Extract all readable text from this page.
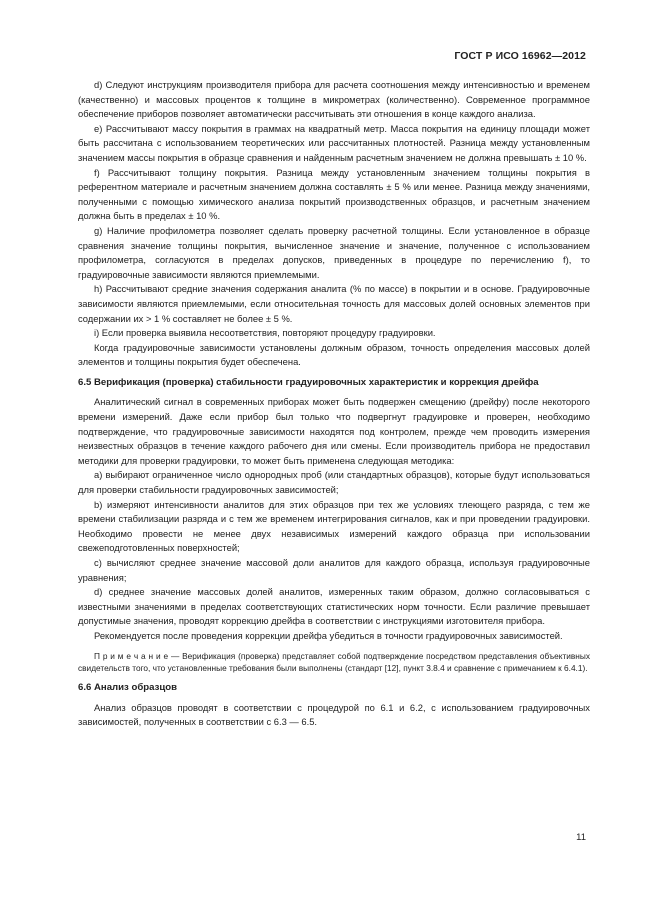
ГОСТ Р ИСО 16962—2012

d) Следуют инструкциям производителя прибора для расчета соотношения между интенсивностью и временем (качественно) и массовых процентов к толщине в микрометрах (количественно). Современное программное обеспечение приборов позволяет автоматически рассчитывать эти отношения в конце каждого анализа.

e) Рассчитывают массу покрытия в граммах на квадратный метр. Масса покрытия на единицу площади может быть рассчитана с использованием теоретических или рассчитанных плотностей. Разница между установленным значением массы покрытия в образце сравнения и найденным расчетным значением не должна превышать ± 10 %.

f) Рассчитывают толщину покрытия. Разница между установленным значением толщины покрытия в референтном материале и расчетным значением должна составлять ± 5 % или менее. Разница между значениями, полученными с помощью химического анализа покрытий производственных образцов, и расчетным значением должна быть в пределах ± 10 %.

g) Наличие профилометра позволяет сделать проверку расчетной толщины. Если установленное в образце сравнения значение толщины покрытия, вычисленное значение и значение, полученное с использованием профилометра, согласуются в пределах допусков, приведенных в процедуре по перечислению f), то градуировочные зависимости являются приемлемыми.

h) Рассчитывают средние значения содержания аналита (% по массе) в покрытии и в основе. Градуировочные зависимости являются приемлемыми, если относительная точность для массовых долей основных элементов при содержании их > 1 % составляет не более ± 5 %.

i) Если проверка выявила несоответствия, повторяют процедуру градуировки.

Когда градуировочные зависимости установлены должным образом, точность определения массовых долей элементов и толщины покрытия будет обеспечена.

6.5 Верификация (проверка) стабильности градуировочных характеристик и коррекция дрейфа

Аналитический сигнал в современных приборах может быть подвержен смещению (дрейфу) после некоторого времени измерений. Даже если прибор был только что подвергнут градуировке и проверен, необходимо подтверждение, что градуировочные зависимости находятся под контролем, прежде чем проводить измерения неизвестных образцов в течение каждого рабочего дня или смены. Если производитель прибора не предоставил методики для проверки градуировки, то может быть применена следующая методика:

a) выбирают ограниченное число однородных проб (или стандартных образцов), которые будут использоваться для проверки стабильности градуировочных зависимостей;

b) измеряют интенсивности аналитов для этих образцов при тех же условиях тлеющего разряда, с тем же времени стабилизации разряда и с тем же временем интегрирования сигналов, как и при проведении градуировки. Необходимо провести не менее двух независимых измерений каждого образца при использовании свежеподготовленных поверхностей;

c) вычисляют среднее значение массовой доли аналитов для каждого образца, используя градуировочные уравнения;

d) среднее значение массовых долей аналитов, измеренных таким образом, должно согласовываться с известными значениями в пределах соответствующих статистических норм точности. Если различие превышает допустимые значения, проводят коррекцию дрейфа в соответствии с инструкциями изготовителя прибора.

Рекомендуется после проведения коррекции дрейфа убедиться в точности градуировочных зависимостей.

П р и м е ч а н и е — Верификация (проверка) представляет собой подтверждение посредством представления объективных свидетельств того, что установленные требования были выполнены (стандарт [12], пункт 3.8.4 и сравнение с примечанием к 6.4.1).

6.6 Анализ образцов

Анализ образцов проводят в соответствии с процедурой по 6.1 и 6.2, с использованием градуировочных зависимостей, полученных в соответствии с 6.3 — 6.5.

11
